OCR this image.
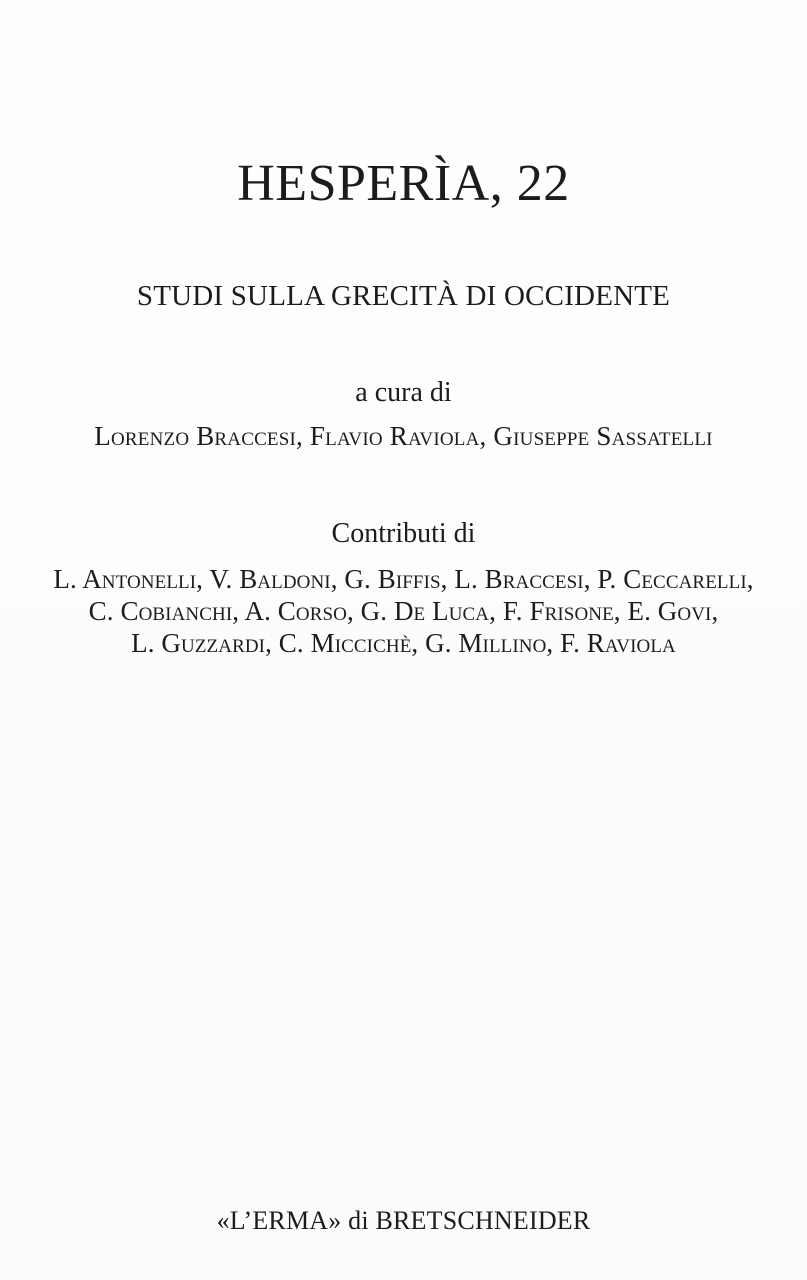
HESPERÌA, 22
STUDI SULLA GRECITÀ DI OCCIDENTE
a cura di
Lorenzo Braccesi, Flavio Raviola, Giuseppe Sassatelli
Contributi di
L. Antonelli, V. Baldoni, G. Biffis, L. Braccesi, P. Ceccarelli,
C. Cobianchi, A. Corso, G. De Luca, F. Frisone, E. Govi,
L. Guzzardi, C. Miccichè, G. Millino, F. Raviola
«L’ERMA» di BRETSCHNEIDER
